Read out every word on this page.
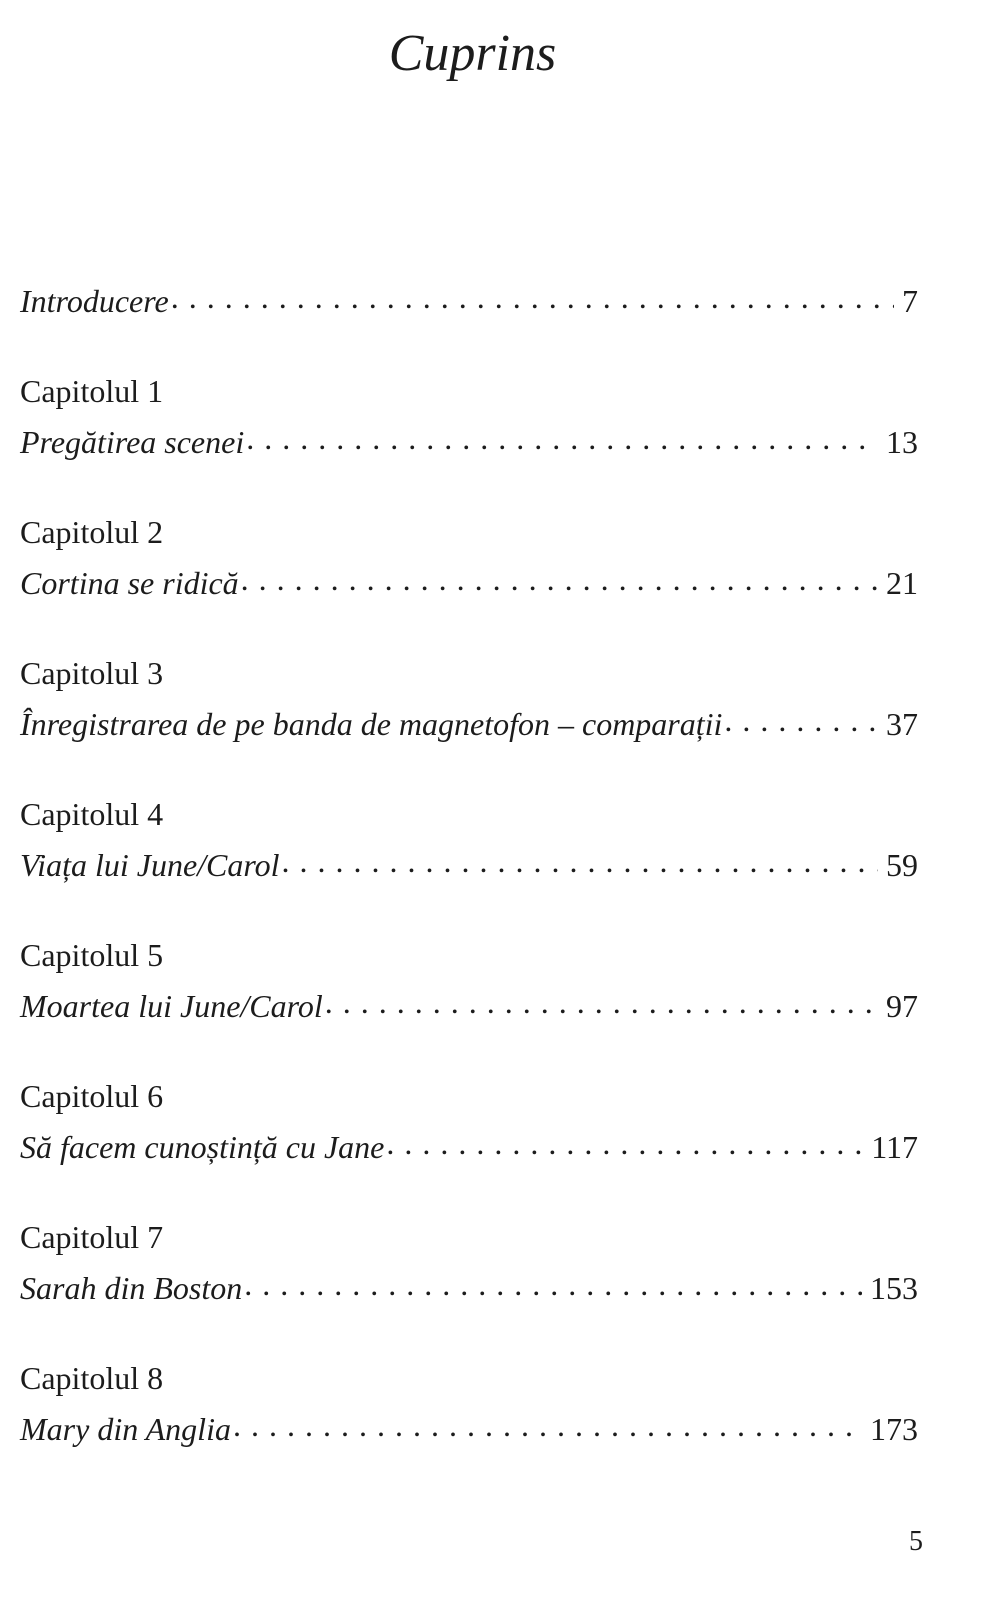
Cuprins
Introducere . . .	7
Capitolul 1
Pregătirea scenei . . .	13
Capitolul 2
Cortina se ridică . . .	21
Capitolul 3
Înregistrarea de pe banda de magnetofon – comparații . . .	37
Capitolul 4
Viața lui June/Carol . . .	59
Capitolul 5
Moartea lui June/Carol . . .	97
Capitolul 6
Să facem cunoștință cu Jane . . .	117
Capitolul 7
Sarah din Boston . . .	153
Capitolul 8
Mary din Anglia . . .	173
5
